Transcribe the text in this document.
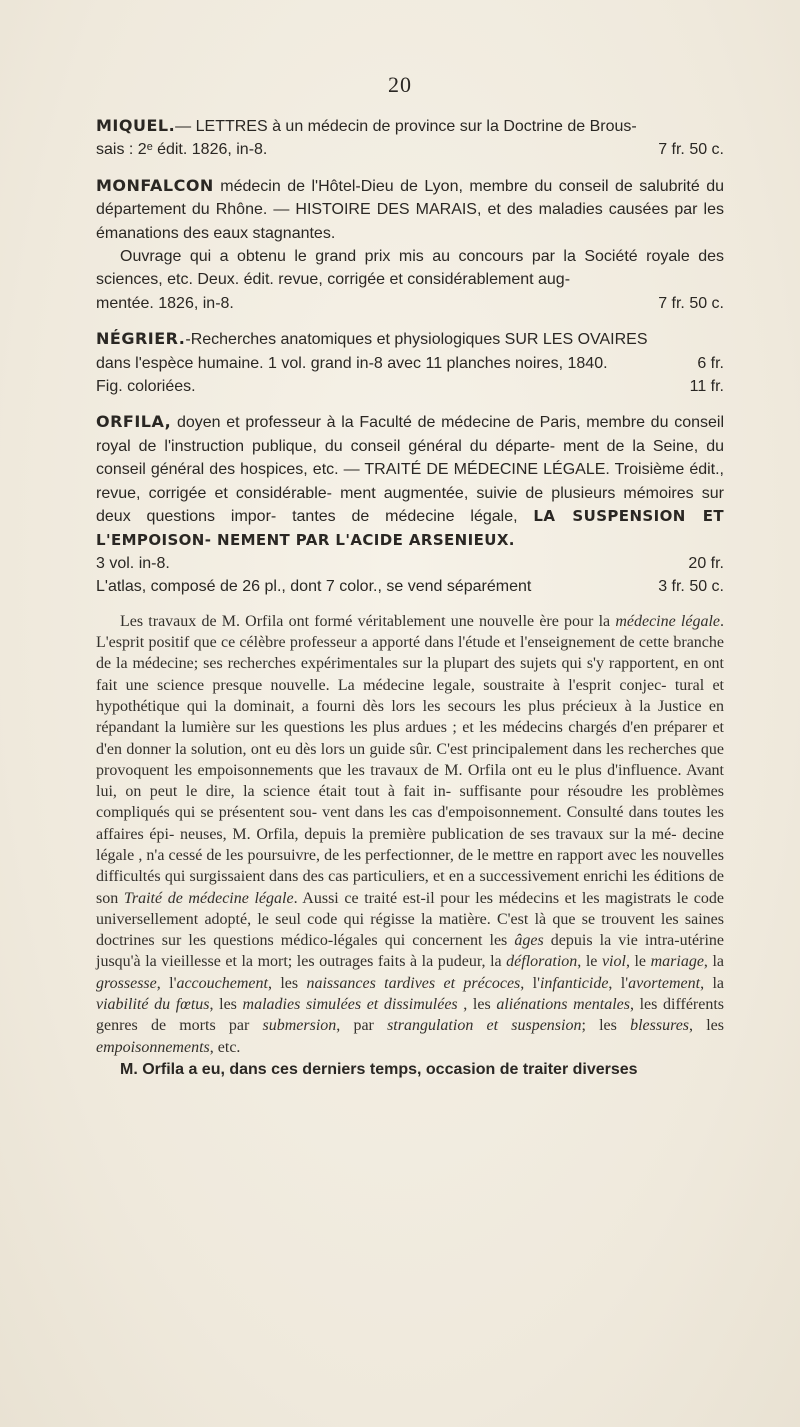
20
MIQUEL.— LETTRES à un médecin de province sur la Doctrine de Brous-
sais : 2ᵉ édit. 1826, in-8.	7 fr. 50 c.
MONFALCON médecin de l'Hôtel-Dieu de Lyon, membre du conseil de salubrité du département du Rhône. — HISTOIRE DES MARAIS, et des maladies causées par les émanations des eaux stagnantes.
Ouvrage qui a obtenu le grand prix mis au concours par la Société royale des sciences, etc. Deux. édit. revue, corrigée et considérablement aug-
mentée. 1826, in-8.	7 fr. 50 c.
NÉGRIER.-Recherches anatomiques et physiologiques SUR LES OVAIRES
dans l'espèce humaine. 1 vol. grand in-8 avec 11 planches noires, 1840.	6 fr.
Fig. coloriées.	11 fr.
ORFILA, doyen et professeur à la Faculté de médecine de Paris, membre du conseil royal de l'instruction publique, du conseil général du départe- ment de la Seine, du conseil général des hospices, etc. — TRAITÉ DE MÉDECINE LÉGALE. Troisième édit., revue, corrigée et considérable- ment augmentée, suivie de plusieurs mémoires sur deux questions impor- tantes de médecine légale, LA SUSPENSION ET L'EMPOISON- NEMENT PAR L'ACIDE ARSENIEUX.
3 vol. in-8.	20 fr.
L'atlas, composé de 26 pl., dont 7 color., se vend séparément	3 fr. 50 c.

Les travaux de M. Orfila ont formé véritablement une nouvelle ère pour la médecine légale. L'esprit positif que ce célèbre professeur a apporté dans l'étude et l'enseignement de cette branche de la médecine; ses recherches expérimentales sur la plupart des sujets qui s'y rapportent, en ont fait une science presque nouvelle. La médecine legale, soustraite à l'esprit conjec- tural et hypothétique qui la dominait, a fourni dès lors les secours les plus précieux à la Justice en répandant la lumière sur les questions les plus ardues ; et les médecins chargés d'en préparer et d'en donner la solution, ont eu dès lors un guide sûr. C'est principalement dans les recherches que provoquent les empoisonnements que les travaux de M. Orfila ont eu le plus d'influence. Avant lui, on peut le dire, la science était tout à fait in- suffisante pour résoudre les problèmes compliqués qui se présentent sou- vent dans les cas d'empoisonnement. Consulté dans toutes les affaires épi- neuses, M. Orfila, depuis la première publication de ses travaux sur la mé- decine légale , n'a cessé de les poursuivre, de les perfectionner, de le mettre en rapport avec les nouvelles difficultés qui surgissaient dans des cas particuliers, et en a successivement enrichi les éditions de son Traité de médecine légale. Aussi ce traité est-il pour les médecins et les magistrats le code universellement adopté, le seul code qui régisse la matière. C'est là que se trouvent les saines doctrines sur les questions médico-légales qui concernent les âges depuis la vie intra-utérine jusqu'à la vieillesse et la mort; les outrages faits à la pudeur, la défloration, le viol, le mariage, la grossesse, l'accouchement, les naissances tardives et précoces, l'infanticide, l'avortement, la viabilité du fœtus, les maladies simulées et dissimulées , les aliénations mentales, les différents genres de morts par submersion, par strangulation et suspension; les blessures, les empoisonnements, etc.

M. Orfila a eu, dans ces derniers temps, occasion de traiter diverses
